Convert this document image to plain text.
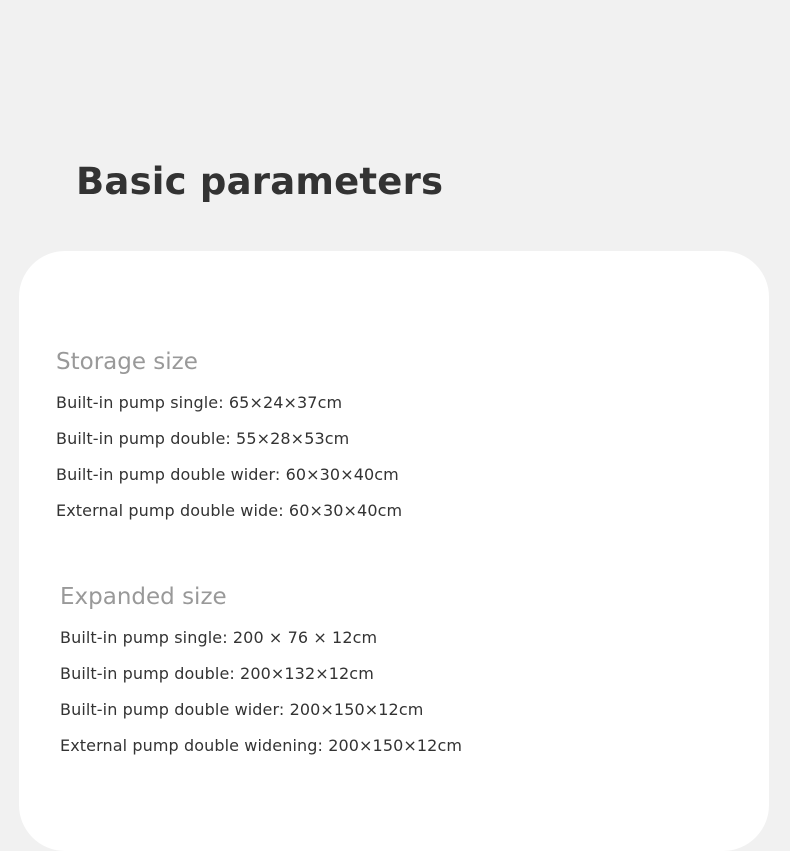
Basic parameters
Storage size
Built-in pump single: 65×24×37cm
Built-in pump double: 55×28×53cm
Built-in pump double wider: 60×30×40cm
External pump double wide: 60×30×40cm
Expanded size
Built-in pump single: 200 × 76 × 12cm
Built-in pump double: 200×132×12cm
Built-in pump double wider: 200×150×12cm
External pump double widening: 200×150×12cm
